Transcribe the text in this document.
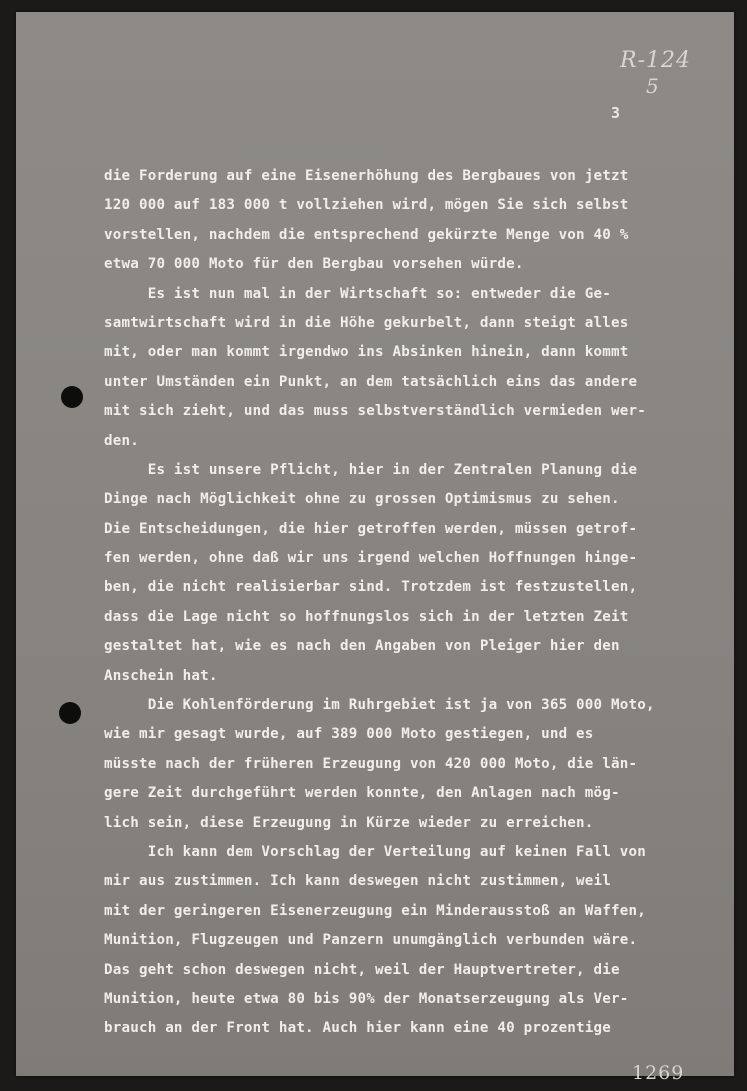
R-124
5
3
die Forderung auf eine Eisenerhöhung des Bergbaues von jetzt
120 000 auf 183 000 t vollziehen wird, mögen Sie sich selbst
vorstellen, nachdem die entsprechend gekürzte Menge von 40 %
etwa 70 000 Moto für den Bergbau vorsehen würde.
Es ist nun mal in der Wirtschaft so: entweder die Ge-
samtwirtschaft wird in die Höhe gekurbelt, dann steigt alles
mit, oder man kommt irgendwo ins Absinken hinein, dann kommt
unter Umständen ein Punkt, an dem tatsächlich eins das andere
mit sich zieht, und das muss selbstverständlich vermieden wer-
den.
Es ist unsere Pflicht, hier in der Zentralen Planung die
Dinge nach Möglichkeit ohne zu grossen Optimismus zu sehen.
Die Entscheidungen, die hier getroffen werden, müssen getrof-
fen werden, ohne daß wir uns irgend welchen Hoffnungen hinge-
ben, die nicht realisierbar sind. Trotzdem ist festzustellen,
dass die Lage nicht so hoffnungslos sich in der letzten Zeit
gestaltet hat, wie es nach den Angaben von Pleiger hier den
Anschein hat.
Die Kohlenförderung im Ruhrgebiet ist ja von 365 000 Moto,
wie mir gesagt wurde, auf 389 000 Moto gestiegen, und es
müsste nach der früheren Erzeugung von 420 000 Moto, die län-
gere Zeit durchgeführt werden konnte, den Anlagen nach mög-
lich sein, diese Erzeugung in Kürze wieder zu erreichen.
Ich kann dem Vorschlag der Verteilung auf keinen Fall von
mir aus zustimmen. Ich kann deswegen nicht zustimmen, weil
mit der geringeren Eisenerzeugung ein Minderausstoß an Waffen,
Munition, Flugzeugen und Panzern unumgänglich verbunden wäre.
Das geht schon deswegen nicht, weil der Hauptvertreter, die
Munition, heute etwa 80 bis 90% der Monatserzeugung als Ver-
brauch an der Front hat. Auch hier kann eine 40 prozentige
1269
